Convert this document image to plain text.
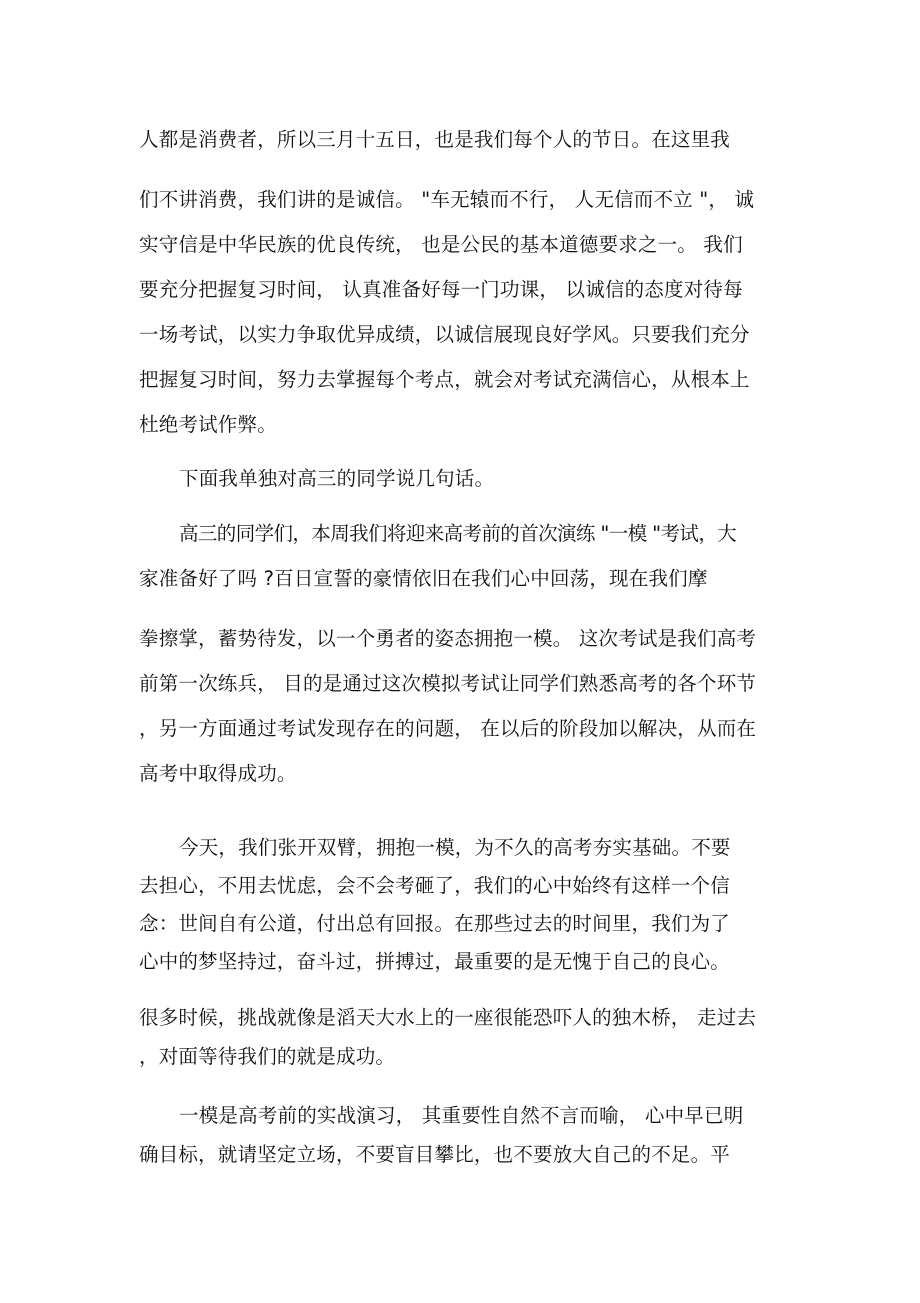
人都是消费者，所以三月十五日，也是我们每个人的节日。在这里我
们不讲消费，我们讲的是诚信。 "车无辕而不行， 人无信而不立 "， 诚
实守信是中华民族的优良传统， 也是公民的基本道德要求之一。 我们
要充分把握复习时间， 认真准备好每一门功课， 以诚信的态度对待每
一场考试，以实力争取优异成绩，以诚信展现良好学风。只要我们充分
把握复习时间，努力去掌握每个考点，就会对考试充满信心，从根本上
杜绝考试作弊。
下面我单独对高三的同学说几句话。
高三的同学们，本周我们将迎来高考前的首次演练 "一模 "考试，大
家准备好了吗 ?百日宣誓的豪情依旧在我们心中回荡，现在我们摩
拳擦掌，蓄势待发，以一个勇者的姿态拥抱一模。 这次考试是我们高考
前第一次练兵， 目的是通过这次模拟考试让同学们熟悉高考的各个环节
，另一方面通过考试发现存在的问题， 在以后的阶段加以解决，从而在
高考中取得成功。
今天，我们张开双臂，拥抱一模，为不久的高考夯实基础。不要
去担心，不用去忧虑，会不会考砸了，我们的心中始终有这样一个信
念：世间自有公道，付出总有回报。在那些过去的时间里，我们为了
心中的梦坚持过，奋斗过，拼搏过，最重要的是无愧于自己的良心。
很多时候，挑战就像是滔天大水上的一座很能恐吓人的独木桥， 走过去
，对面等待我们的就是成功。
一模是高考前的实战演习， 其重要性自然不言而喻， 心中早已明
确目标，就请坚定立场，不要盲目攀比，也不要放大自己的不足。平
